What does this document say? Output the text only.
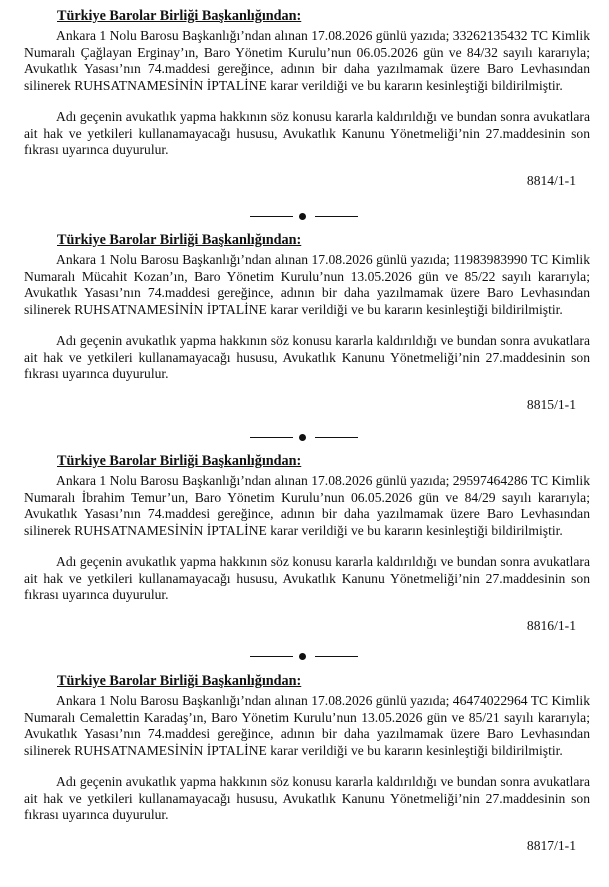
Türkiye Barolar Birliği Başkanlığından:

Ankara 1 Nolu Barosu Başkanlığı’ndan alınan 17.08.2026 günlü yazıda; 33262135432 TC Kimlik Numaralı Çağlayan Erginay’ın, Baro Yönetim Kurulu’nun 06.05.2026 gün ve 84/32 sayılı kararıyla; Avukatlık Yasası’nın 74.maddesi gereğince, adının bir daha yazılmamak üzere Baro Levhasından silinerek RUHSATNAMESİNİN İPTALİNE karar verildiği ve bu kararın kesinleştiği bildirilmiştir.

Adı geçenin avukatlık yapma hakkının söz konusu kararla kaldırıldığı ve bundan sonra avukatlara ait hak ve yetkileri kullanamayacağı hususu, Avukatlık Kanunu Yönetmeliği’nin 27.maddesinin son fıkrası uyarınca duyurulur.

8814/1-1
Türkiye Barolar Birliği Başkanlığından:

Ankara 1 Nolu Barosu Başkanlığı’ndan alınan 17.08.2026 günlü yazıda; 11983983990 TC Kimlik Numaralı Mücahit Kozan’ın, Baro Yönetim Kurulu’nun 13.05.2026 gün ve 85/22 sayılı kararıyla; Avukatlık Yasası’nın 74.maddesi gereğince, adının bir daha yazılmamak üzere Baro Levhasından silinerek RUHSATNAMESİNİN İPTALİNE karar verildiği ve bu kararın kesinleştiği bildirilmiştir.

Adı geçenin avukatlık yapma hakkının söz konusu kararla kaldırıldığı ve bundan sonra avukatlara ait hak ve yetkileri kullanamayacağı hususu, Avukatlık Kanunu Yönetmeliği’nin 27.maddesinin son fıkrası uyarınca duyurulur.

8815/1-1
Türkiye Barolar Birliği Başkanlığından:

Ankara 1 Nolu Barosu Başkanlığı’ndan alınan 17.08.2026 günlü yazıda; 29597464286 TC Kimlik Numaralı İbrahim Temur’un, Baro Yönetim Kurulu’nun 06.05.2026 gün ve 84/29 sayılı kararıyla; Avukatlık Yasası’nın 74.maddesi gereğince, adının bir daha yazılmamak üzere Baro Levhasından silinerek RUHSATNAMESİNİN İPTALİNE karar verildiği ve bu kararın kesinleştiği bildirilmiştir.

Adı geçenin avukatlık yapma hakkının söz konusu kararla kaldırıldığı ve bundan sonra avukatlara ait hak ve yetkileri kullanamayacağı hususu, Avukatlık Kanunu Yönetmeliği’nin 27.maddesinin son fıkrası uyarınca duyurulur.

8816/1-1
Türkiye Barolar Birliği Başkanlığından:

Ankara 1 Nolu Barosu Başkanlığı’ndan alınan 17.08.2026 günlü yazıda; 46474022964 TC Kimlik Numaralı Cemalettin Karadaş’ın, Baro Yönetim Kurulu’nun 13.05.2026 gün ve 85/21 sayılı kararıyla; Avukatlık Yasası’nın 74.maddesi gereğince, adının bir daha yazılmamak üzere Baro Levhasından silinerek RUHSATNAMESİNİN İPTALİNE karar verildiği ve bu kararın kesinleştiği bildirilmiştir.

Adı geçenin avukatlık yapma hakkının söz konusu kararla kaldırıldığı ve bundan sonra avukatlara ait hak ve yetkileri kullanamayacağı hususu, Avukatlık Kanunu Yönetmeliği’nin 27.maddesinin son fıkrası uyarınca duyurulur.

8817/1-1
